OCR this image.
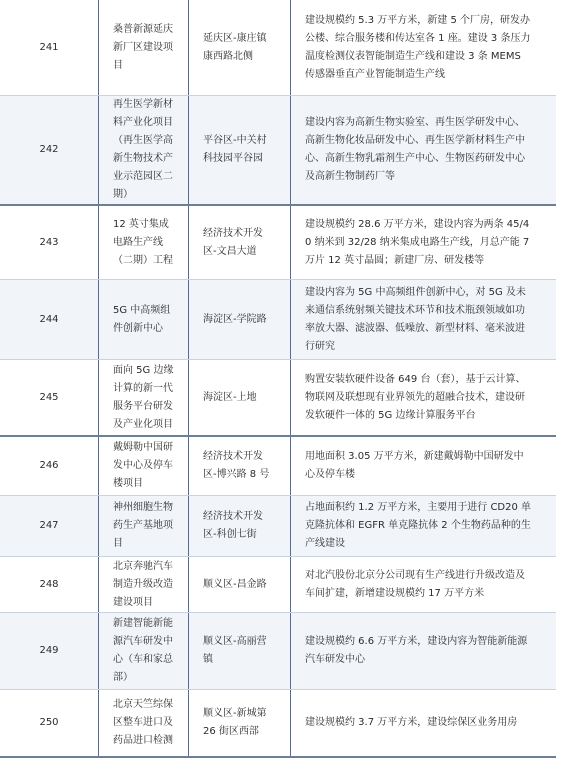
241
桑普新源延庆
新厂区建设项
目
延庆区-康庄镇
康西路北侧
建设规模约 5.3 万平方米，新建 5 个厂房，研发办
公楼、综合服务楼和传达室各 1 座。建设 3 条压力
温度检测仪表智能制造生产线和建设 3 条 MEMS
传感器垂直产业智能制造生产线
242
再生医学新材
料产业化项目
（再生医学高
新生物技术产
业示范园区二
期）
平谷区-中关村
科技园平谷园
建设内容为高新生物实验室、再生医学研发中心、
高新生物化妆品研发中心、再生医学新材料生产中
心、高新生物乳霜剂生产中心、生物医药研发中心
及高新生物制药厂等
243
12 英寸集成
电路生产线
（二期）工程
经济技术开发
区-文昌大道
建设规模约 28.6 万平方米，建设内容为两条 45/4
0 纳米到 32/28 纳米集成电路生产线，月总产能 7
万片 12 英寸晶圆；新建厂房、研发楼等
244
5G 中高频组
件创新中心
海淀区-学院路
建设内容为 5G 中高频组件创新中心，对 5G 及未
来通信系统射频关键技术环节和技术瓶颈领域如功
率放大器、滤波器、低噪放、新型材料、毫米波进
行研究
245
面向 5G 边缘
计算的新一代
服务平台研发
及产业化项目
海淀区-上地
购置安装软硬件设备 649 台（套），基于云计算、
物联网及联想现有业界领先的超融合技术，建设研
发软硬件一体的 5G 边缘计算服务平台
246
戴姆勒中国研
发中心及停车
楼项目
经济技术开发
区-博兴路 8 号
用地面积 3.05 万平方米，新建戴姆勒中国研发中
心及停车楼
247
神州细胞生物
药生产基地项
目
经济技术开发
区-科创七街
占地面积约 1.2 万平方米，主要用于进行 CD20 单
克隆抗体和 EGFR 单克隆抗体 2 个生物药品种的生
产线建设
248
北京奔驰汽车
制造升级改造
建设项目
顺义区-昌金路
对北汽股份北京分公司现有生产线进行升级改造及
车间扩建，新增建设规模约 17 万平方米
249
新建智能新能
源汽车研发中
心（车和家总
部）
顺义区-高丽营
镇
建设规模约 6.6 万平方米，建设内容为智能新能源
汽车研发中心
250
北京天竺综保
区整车进口及
药品进口检测
顺义区-新城第
26 街区西部
建设规模约 3.7 万平方米，建设综保区业务用房
